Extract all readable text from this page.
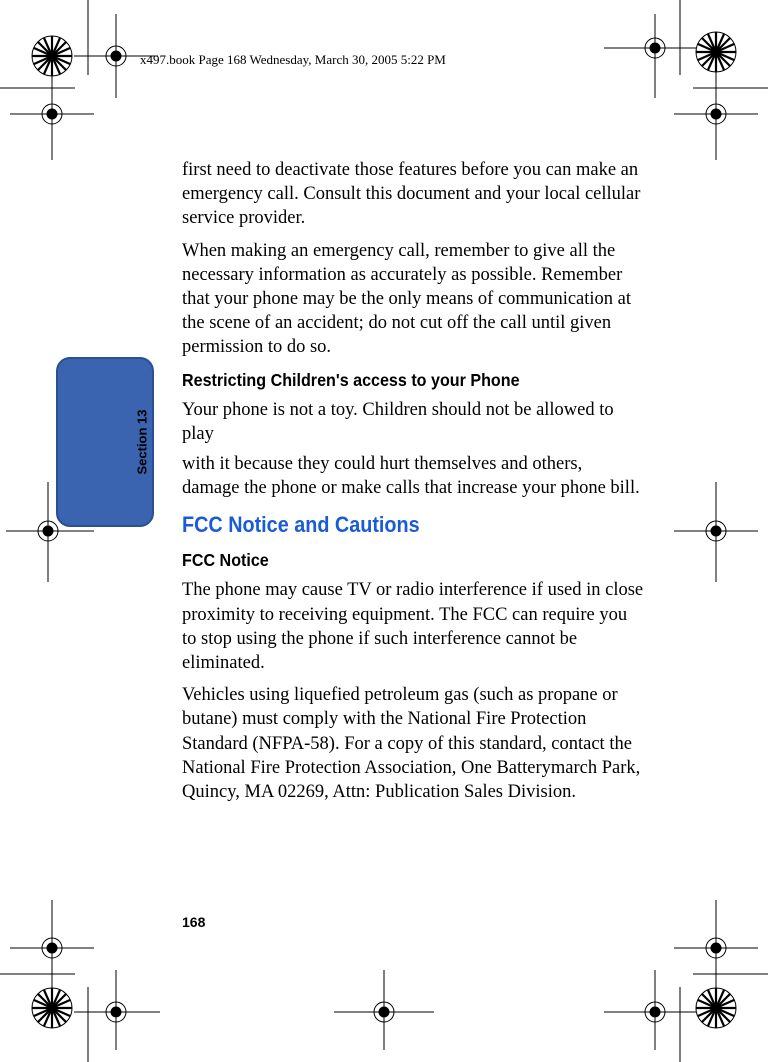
x497.book Page 168 Wednesday, March 30, 2005 5:22 PM
Section 13

first need to deactivate those features before you can make an emergency call. Consult this document and your local cellular service provider.

When making an emergency call, remember to give all the necessary information as accurately as possible. Remember that your phone may be the only means of communication at the scene of an accident; do not cut off the call until given permission to do so.

Restricting Children's access to your Phone

Your phone is not a toy. Children should not be allowed to play

with it because they could hurt themselves and others, damage the phone or make calls that increase your phone bill.

FCC Notice and Cautions
FCC Notice

The phone may cause TV or radio interference if used in close proximity to receiving equipment. The FCC can require you to stop using the phone if such interference cannot be eliminated.

Vehicles using liquefied petroleum gas (such as propane or butane) must comply with the National Fire Protection Standard (NFPA-58). For a copy of this standard, contact the National Fire Protection Association, One Batterymarch Park, Quincy, MA 02269, Attn: Publication Sales Division.

168
